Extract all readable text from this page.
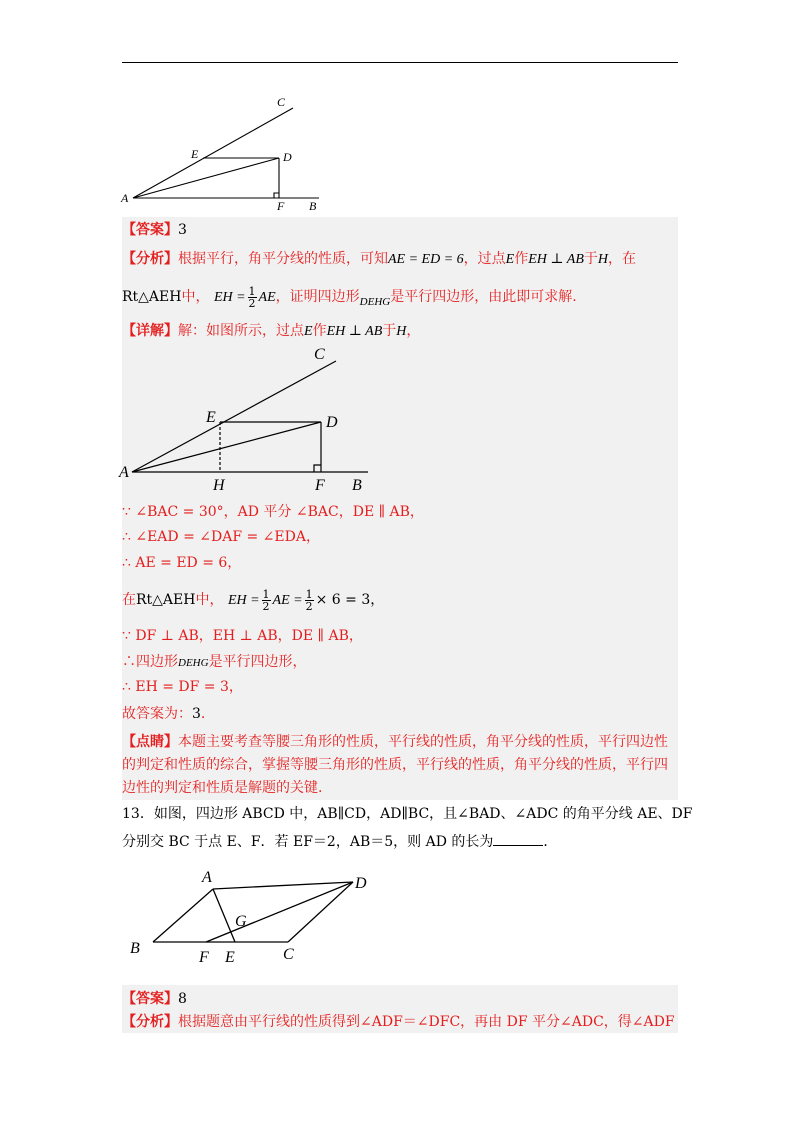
C
E	D
A
F B
【答案】3
【分析】根据平行，角平分线的性质，可知AE = ED = 6，过点E作EH ⊥ AB于H，在
Rt△AEH中， EH = $\frac{1}{2}$ AE，证明四边形$_{DEHG}$是平行四边形，由此即可求解.
【详解】解：如图所示，过点E作EH ⊥ AB于H，
C
E	D
A
H	F B
∵ ∠BAC = 30°，AD 平分 ∠BAC，DE ∥ AB，
∴ ∠EAD = ∠DAF = ∠EDA，
∴ AE = ED = 6，
在Rt△AEH中， EH = $\frac{1}{2}$ AE = $\frac{1}{2} \times 6 = 3$，
∵ DF ⊥ AB，EH ⊥ AB，DE ∥ AB，
∴四边形DEHG是平行四边形，
∴ EH = DF = 3，
故答案为：3.
【点睛】本题主要考查等腰三角形的性质，平行线的性质，角平分线的性质，平行四边性
的判定和性质的综合，掌握等腰三角形的性质，平行线的性质，角平分线的性质，平行四
边性的判定和性质是解题的关键.
13．如图，四边形 ABCD 中，AB∥CD，AD∥BC，且∠BAD、∠ADC 的角平分线 AE、DF
分别交 BC 于点 E、F．若 EF＝2，AB＝5，则 AD 的长为	．
A	D
G
B
F E	C
【答案】8
【分析】根据题意由平行线的性质得到∠ADF＝∠DFC，再由 DF 平分∠ADC，得∠ADF
